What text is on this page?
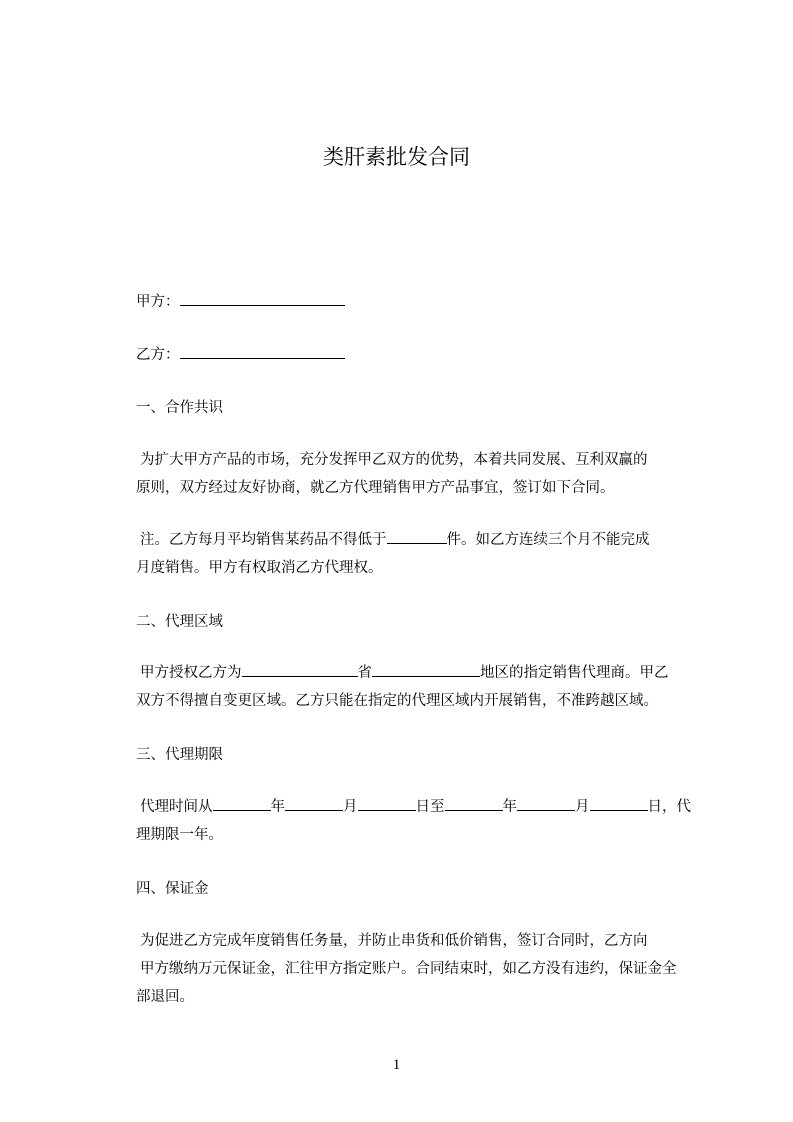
类肝素批发合同
甲方：
乙方：
一、合作共识
为扩大甲方产品的市场，充分发挥甲乙双方的优势，本着共同发展、互利双赢的
原则，双方经过友好协商，就乙方代理销售甲方产品事宜，签订如下合同。
注。乙方每月平均销售某药品不得低于	件。如乙方连续三个月不能完成
月度销售。甲方有权取消乙方代理权。
二、代理区域
甲方授权乙方为	省	地区的指定销售代理商。甲乙
双方不得擅自变更区域。乙方只能在指定的代理区域内开展销售，不准跨越区域。
三、代理期限
代理时间从	年	月	日至	年	月	日，代
理期限一年。
四、保证金
为促进乙方完成年度销售任务量，并防止串货和低价销售，签订合同时，乙方向
甲方缴纳万元保证金，汇往甲方指定账户。合同结束时，如乙方没有违约，保证金全
部退回。
1
